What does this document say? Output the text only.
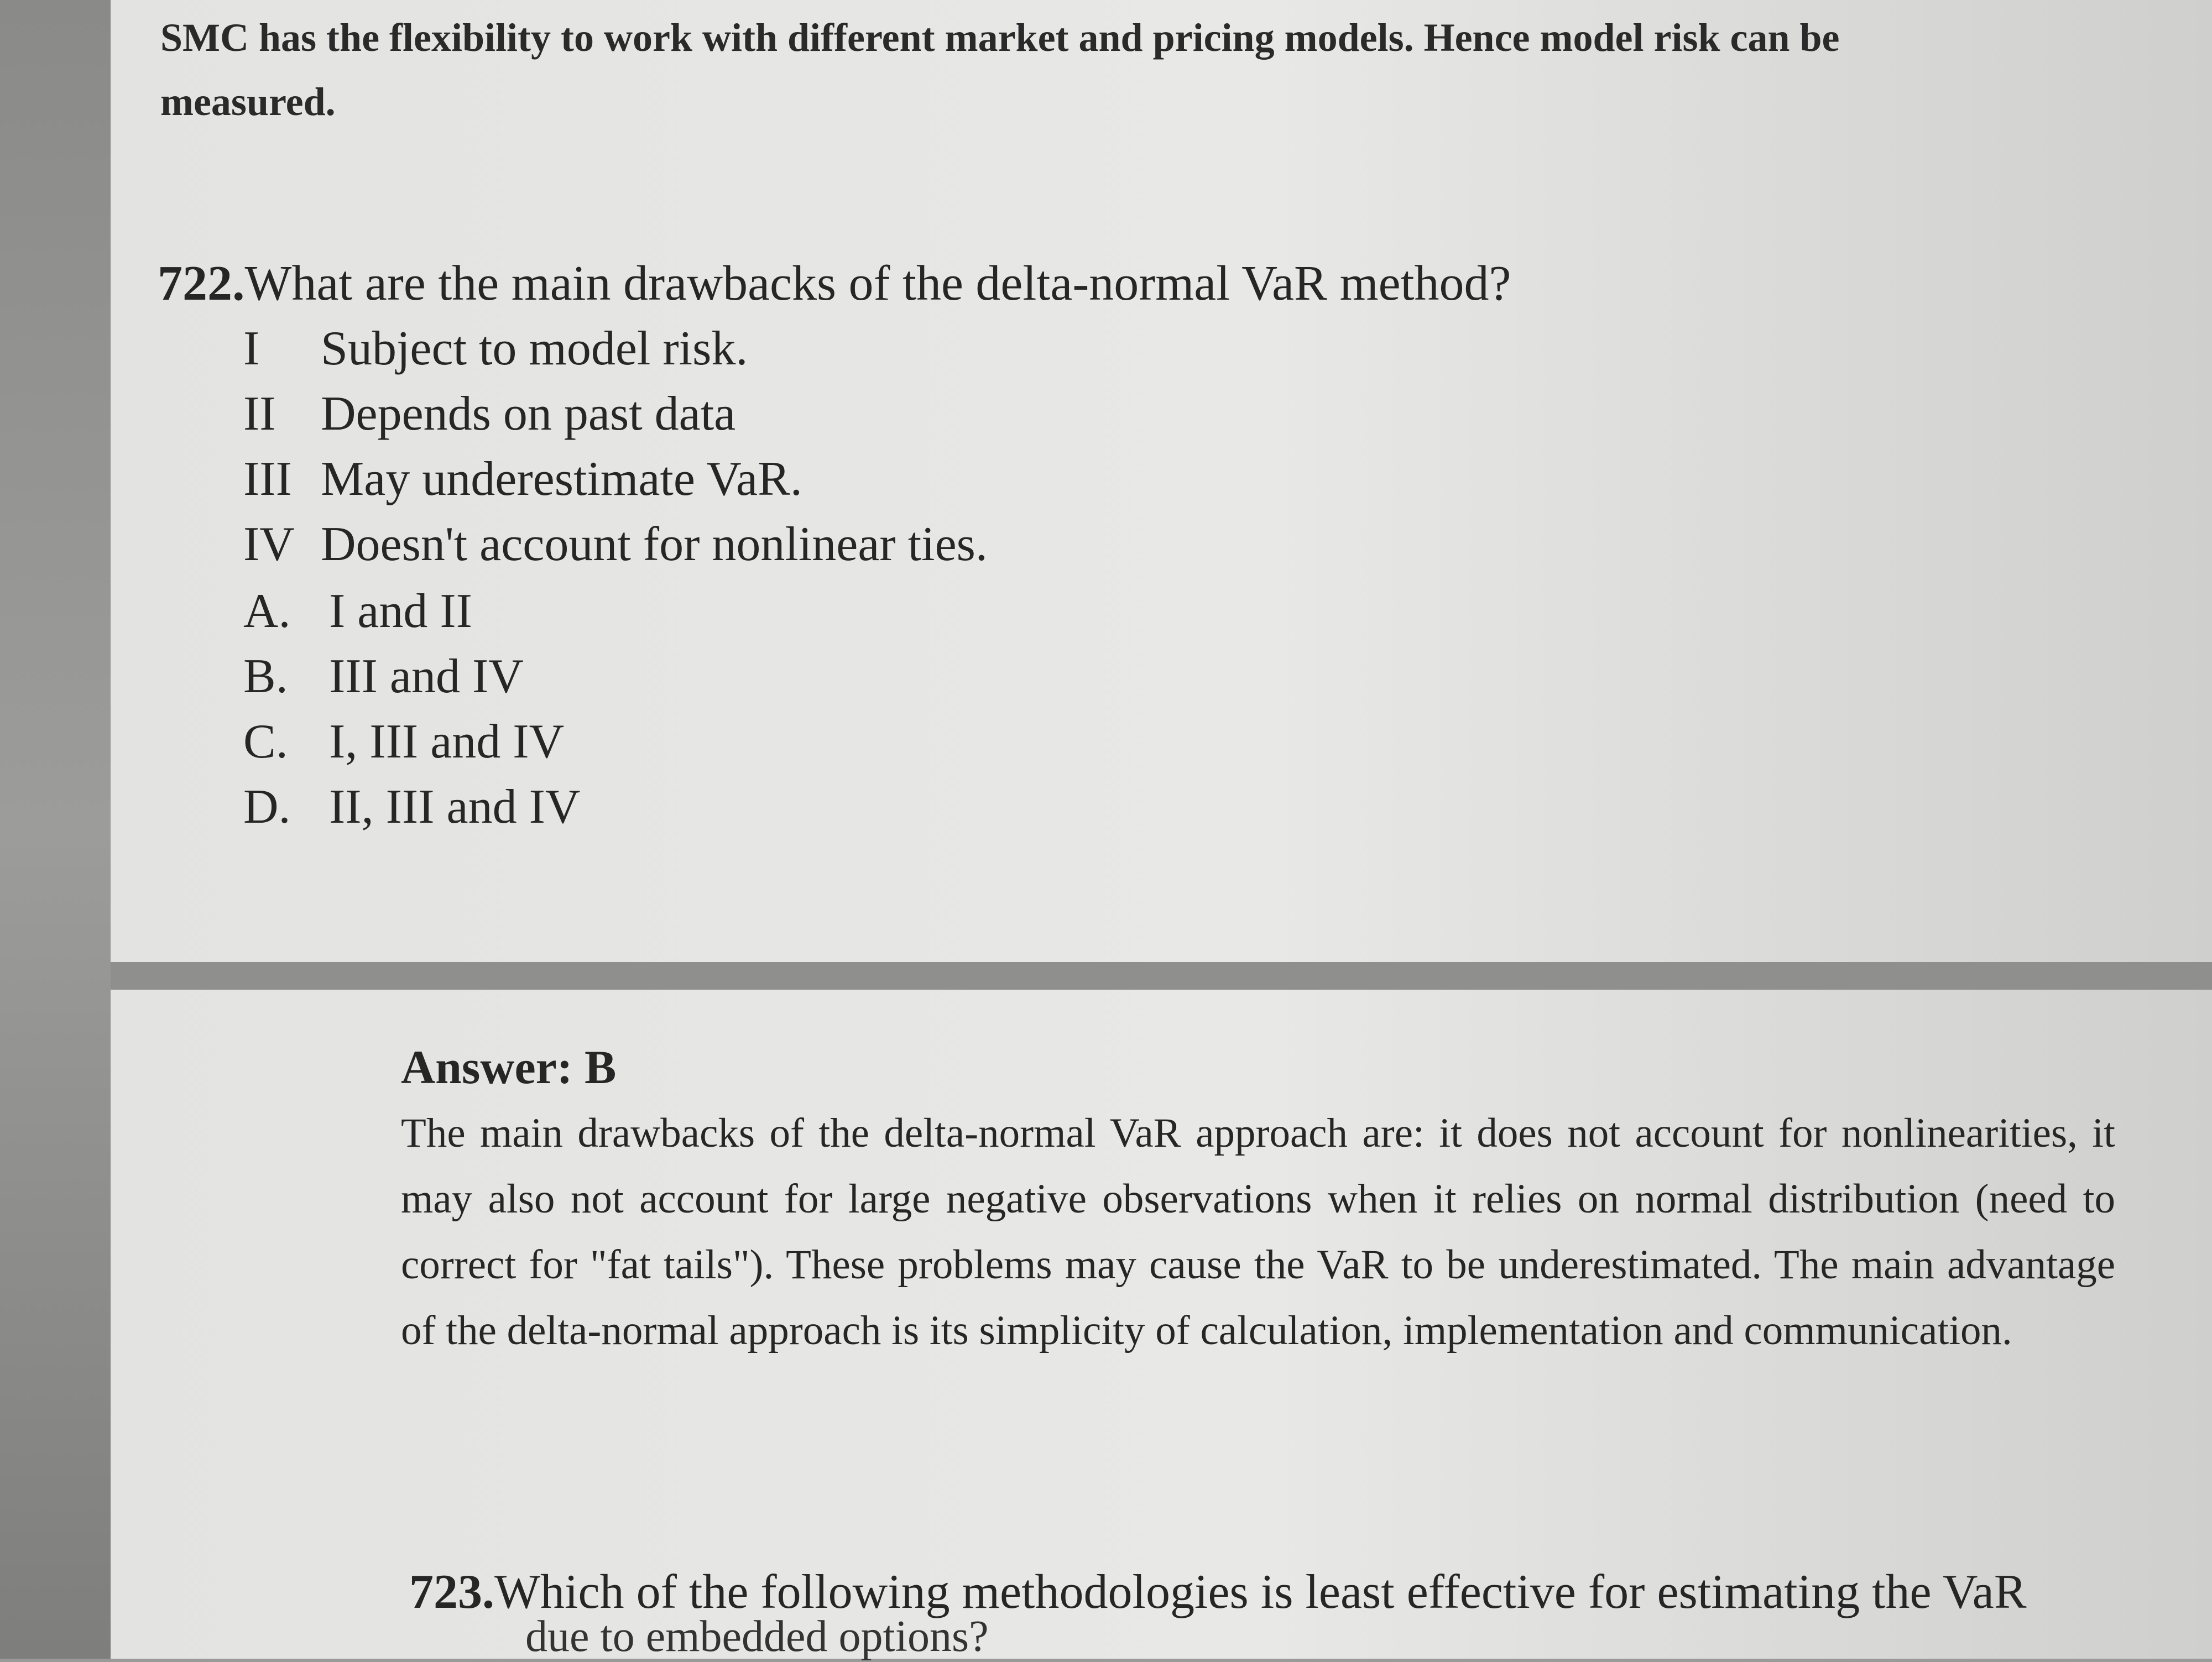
SMC has the flexibility to work with different market and pricing models. Hence model risk can be measured.

722.What are the main drawbacks of the delta-normal VaR method?

I Subject to model risk.
II Depends on past data
III May underestimate VaR.
IV Doesn't account for nonlinear ties.
A. I and II
B. III and IV
C. I, III and IV
D. II, III and IV

Answer: B

The main drawbacks of the delta-normal VaR approach are: it does not account for nonlinearities, it may also not account for large negative observations when it relies on normal distribution (need to correct for "fat tails"). These problems may cause the VaR to be underestimated. The main advantage of the delta-normal approach is its simplicity of calculation, implementation and communication.

723.Which of the following methodologies is least effective for estimating the VaR

due to embedded options?
